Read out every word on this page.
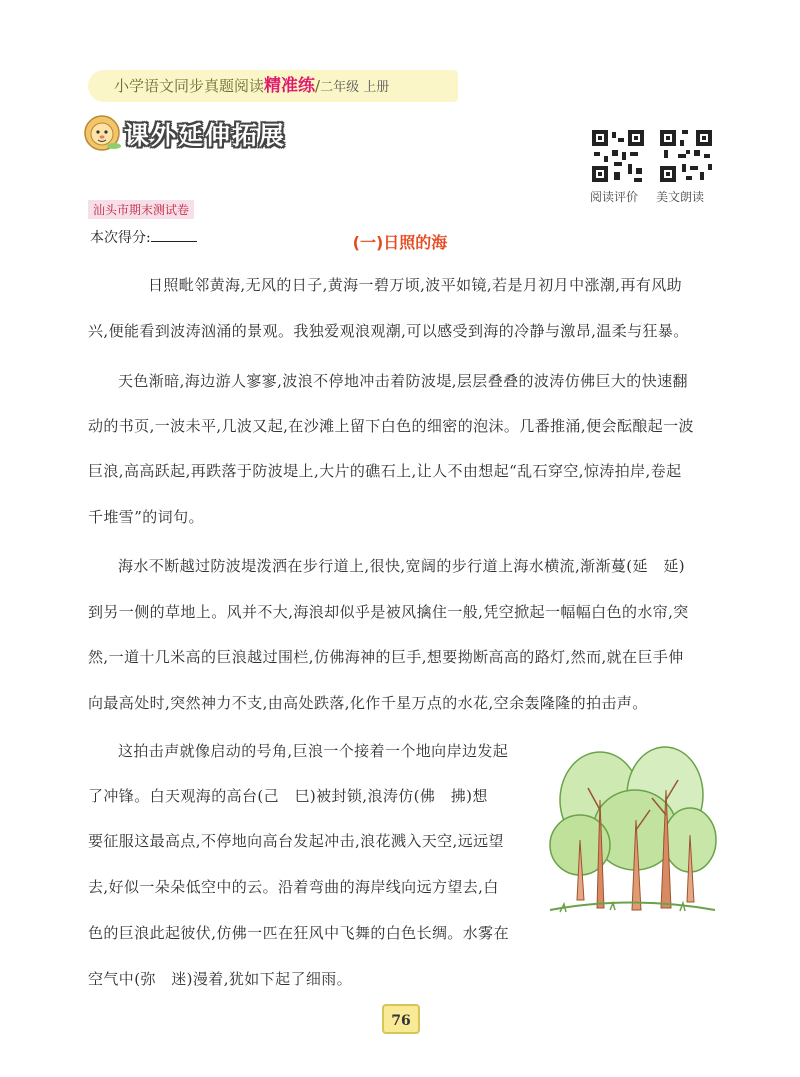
小学语文同步真题阅读精准练/二年级 上册
课外延伸拓展
阅读评价 美文朗读
汕头市期末测试卷
本次得分:	(一)日照的海
日照毗邻黄海,无风的日子,黄海一碧万顷,波平如镜,若是月初月中涨潮,再有风助
兴,便能看到波涛汹涌的景观。我独爱观浪观潮,可以感受到海的冷静与激昂,温柔与狂暴。
天色渐暗,海边游人寥寥,波浪不停地冲击着防波堤,层层叠叠的波涛仿佛巨大的快速翻
动的书页,一波未平,几波又起,在沙滩上留下白色的细密的泡沫。几番推涌,便会酝酿起一波
巨浪,高高跃起,再跌落于防波堤上,大片的礁石上,让人不由想起“乱石穿空,惊涛拍岸,卷起
千堆雪”的词句。
海水不断越过防波堤泼洒在步行道上,很快,宽阔的步行道上海水横流,渐渐蔓(延　延)
到另一侧的草地上。风并不大,海浪却似乎是被风擒住一般,凭空掀起一幅幅白色的水帘,突
然,一道十几米高的巨浪越过围栏,仿佛海神的巨手,想要拗断高高的路灯,然而,就在巨手伸
向最高处时,突然神力不支,由高处跌落,化作千星万点的水花,空余轰隆隆的拍击声。
这拍击声就像启动的号角,巨浪一个接着一个地向岸边发起
了冲锋。白天观海的高台(己　巳)被封锁,浪涛仿(佛　拂)想
要征服这最高点,不停地向高台发起冲击,浪花溅入天空,远远望
去,好似一朵朵低空中的云。沿着弯曲的海岸线向远方望去,白
色的巨浪此起彼伏,仿佛一匹在狂风中飞舞的白色长绸。水雾在
空气中(弥　迷)漫着,犹如下起了细雨。
76
